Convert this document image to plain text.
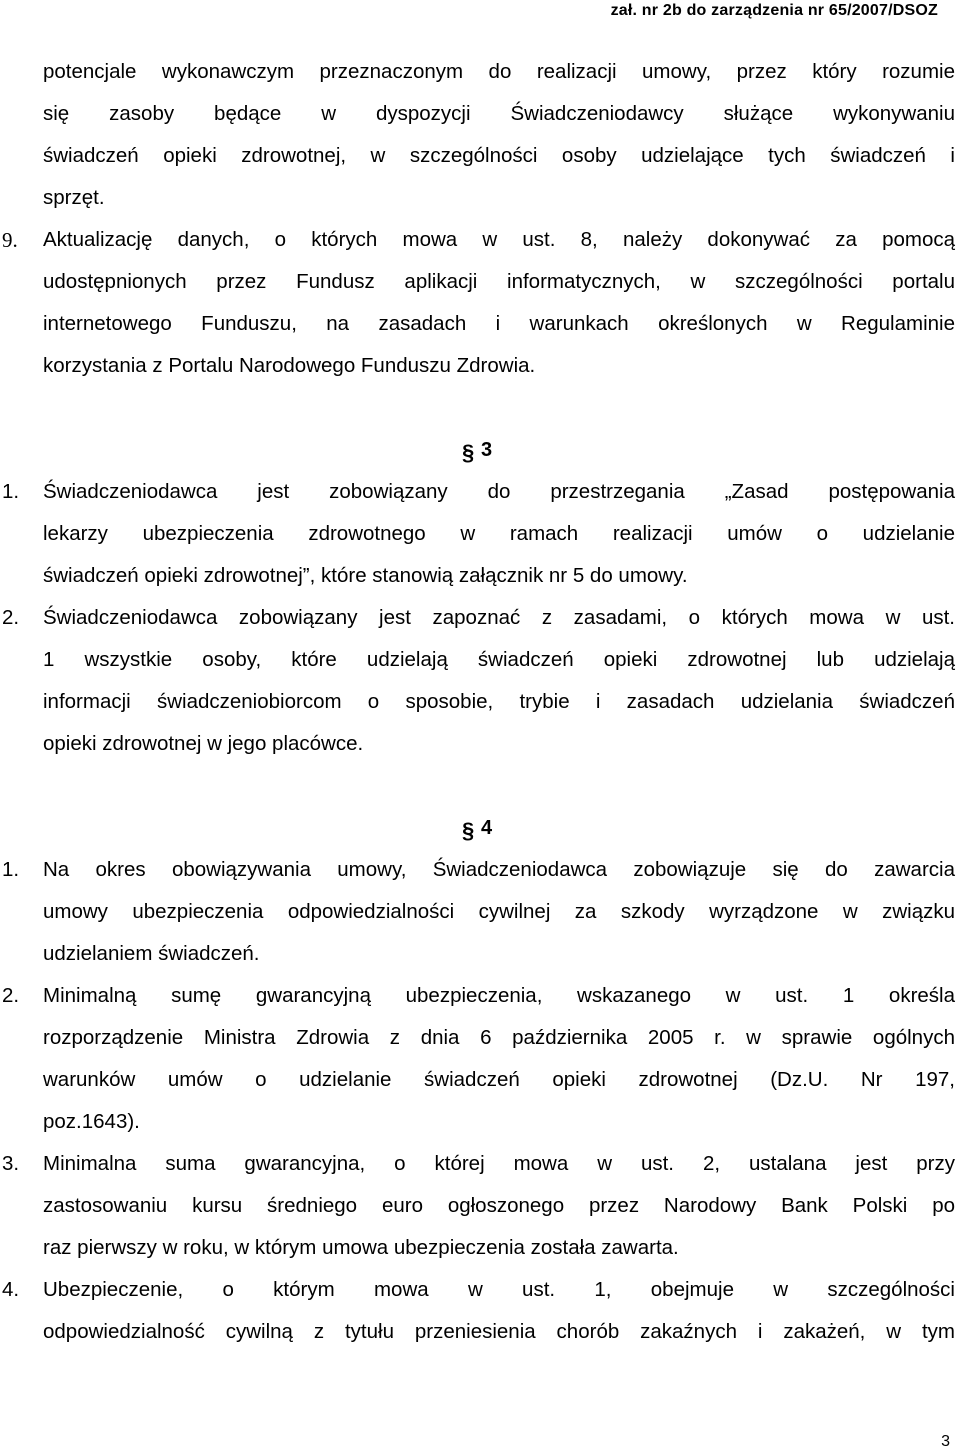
zał. nr 2b do zarządzenia nr 65/2007/DSOZ
potencjale wykonawczym przeznaczonym do realizacji umowy, przez który rozumie
się zasoby będące w dyspozycji Świadczeniodawcy służące wykonywaniu
świadczeń opieki zdrowotnej, w szczególności osoby udzielające tych świadczeń i
sprzęt.
9.	Aktualizację danych, o których mowa w ust. 8, należy dokonywać za pomocą
udostępnionych przez Fundusz aplikacji informatycznych, w szczególności portalu
internetowego Funduszu, na zasadach i warunkach określonych w Regulaminie
korzystania z Portalu Narodowego Funduszu Zdrowia.
§ 3
1.	Świadczeniodawca jest zobowiązany do przestrzegania „Zasad postępowania
lekarzy ubezpieczenia zdrowotnego w ramach realizacji umów o udzielanie
świadczeń opieki zdrowotnej”, które stanowią załącznik nr 5 do umowy.
2.	Świadczeniodawca zobowiązany jest zapoznać z zasadami, o których mowa w ust.
1 wszystkie osoby, które udzielają świadczeń opieki zdrowotnej lub udzielają
informacji świadczeniobiorcom o sposobie, trybie i zasadach udzielania świadczeń
opieki zdrowotnej w jego placówce.
§ 4
1.	Na okres obowiązywania umowy, Świadczeniodawca zobowiązuje się do zawarcia
umowy ubezpieczenia odpowiedzialności cywilnej za szkody wyrządzone w związku
udzielaniem świadczeń.
2.	Minimalną sumę gwarancyjną ubezpieczenia, wskazanego w ust. 1 określa
rozporządzenie Ministra Zdrowia z dnia 6 października 2005 r. w sprawie ogólnych
warunków umów o udzielanie świadczeń opieki zdrowotnej (Dz.U. Nr 197,
poz.1643).
3.	Minimalna suma gwarancyjna, o której mowa w ust. 2, ustalana jest przy
zastosowaniu kursu średniego euro ogłoszonego przez Narodowy Bank Polski po
raz pierwszy w roku, w którym umowa ubezpieczenia została zawarta.
4.	Ubezpieczenie, o którym mowa w ust. 1, obejmuje w szczególności
odpowiedzialność cywilną z tytułu przeniesienia chorób zakaźnych i zakażeń, w tym
3
